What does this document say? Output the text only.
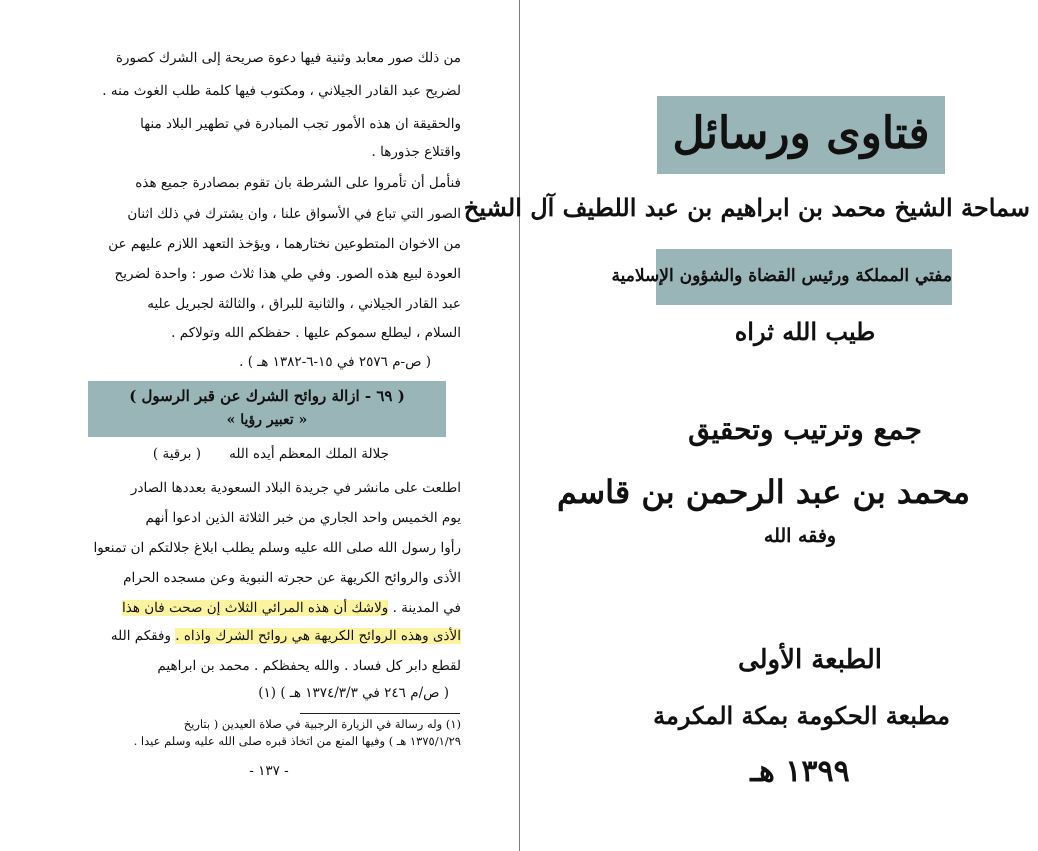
من ذلك صور معابد وثنية فيها دعوة صريحة إلى الشرك كصورة
لضريح عبد القادر الجيلاني ، ومكتوب فيها كلمة طلب الغوث منه .
والحقيقة ان هذه الأمور تجب المبادرة في تطهير البلاد منها
واقتلاع جذورها .
فنأمل أن تأمروا على الشرطة بان تقوم بمصادرة جميع هذه
الصور التي تباع في الأسواق علنا ، وان يشترك في ذلك اثنان
من الاخوان المتطوعين نختارهما ، ويؤخذ التعهد اللازم عليهم عن
العودة لبيع هذه الصور. وفي طي هذا ثلاث صور : واحدة لضريح
عبد القادر الجيلاني ، والثانية للبراق ، والثالثة لجبريل عليه
السلام ، ليطلع سموكم عليها . حفظكم الله وتولاكم .
( ص-م ٢٥٧٦ في ١٥-٦-١٣٨٢ هـ ) .
( ٦٩ - ازالة روائح الشرك عن قبر الرسول )
« تعبير رؤيا »
جلالة الملك المعظم أيده الله
( برقية )
اطلعت على مانشر في جريدة البلاد السعودية بعددها الصادر
يوم الخميس واحد الجاري من خبر الثلاثة الذين ادعوا أنهم
رأوا رسول الله صلى الله عليه وسلم يطلب ابلاغ جلالتكم ان تمنعوا
الأذى والروائح الكريهة عن حجرته النبوية وعن مسجده الحرام
في المدينة . ولاشك أن هذه المرائي الثلاث إن صحت فان هذا
الأذى وهذه الروائح الكريهة هي روائح الشرك واذاه . وفقكم الله
لقطع دابر كل فساد . والله يحفظكم . محمد بن ابراهيم
( ص/م ٢٤٦ في ١٣٧٤/٣/٣ هـ ) (١)
(١) وله رسالة في الزيارة الرجبية في صلاة العيدين ( بتاريخ
١٣٧٥/١/٢٩ هـ ) وفيها المنع من اتخاذ قبره صلى الله عليه وسلم عيدا .
- ١٣٧ -
فتاوى ورسائل
سماحة الشيخ محمد بن ابراهيم بن عبد اللطيف آل الشيخ
مفتي المملكة ورئيس القضاة والشؤون الإسلامية
طيب الله ثراه
جمع وترتيب وتحقيق
محمد بن عبد الرحمن بن قاسم
وفقه الله
الطبعة الأولى
مطبعة الحكومة بمكة المكرمة
١٣٩٩ هـ
